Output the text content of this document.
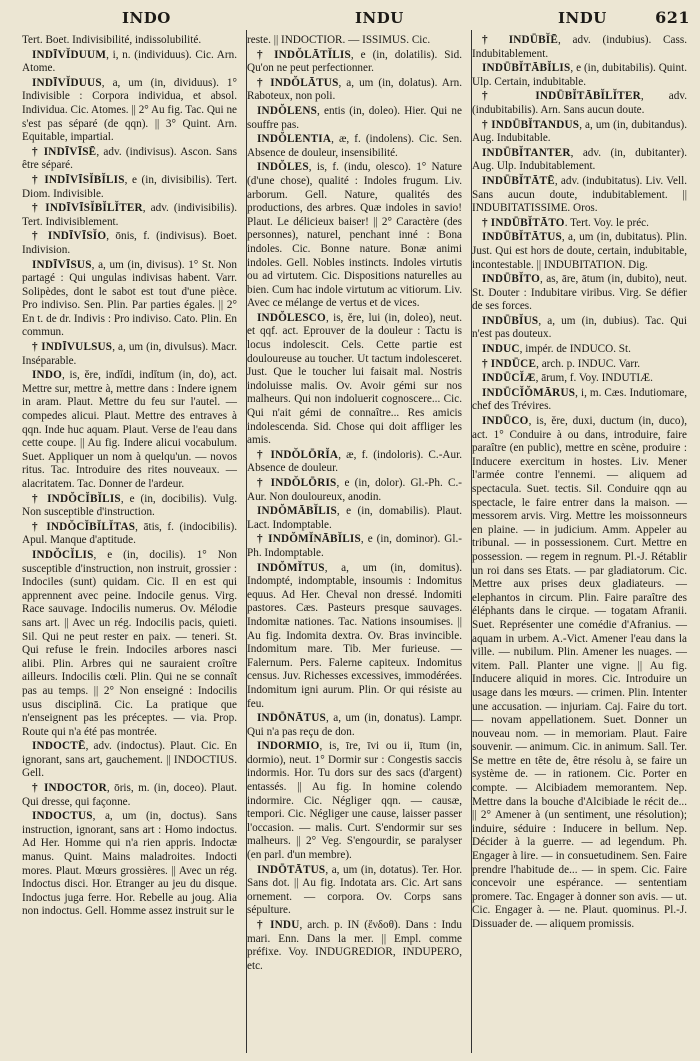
INDO	INDU	INDU	621

Tert. Boet. Indivisibilité, indissolubilité.

INDĪVĬDUUM, i, n. (individuus). Cic. Arn. Atome.

INDĪVĬDUUS, a, um (in, dividuus). 1° Indivisible : Corpora individua, et absol. Individua. Cic. Atomes. || 2° Au fig. Tac. Qui ne s'est pas séparé (de qqn). || 3° Quint. Arn. Equitable, impartial.

† INDĪVĪSĒ, adv. (indivisus). Ascon. Sans être séparé.

† INDĪVĪSĬBĬLIS, e (in, divisibilis). Tert. Diom. Indivisible.

† INDĪVĪSĬBĬLĬTER, adv. (indivisibilis). Tert. Indivisiblement.

† INDĪVĪSĬO, ōnis, f. (indivisus). Boet. Indivision.

INDĪVĪSUS, a, um (in, divisus). 1° St. Non partagé : Qui ungulas indivisas habent. Varr. Solipèdes, dont le sabot est tout d'une pièce. Pro indiviso. Sen. Plin. Par parties égales. || 2° En t. de dr. Indivis : Pro indiviso. Cato. Plin. En commun.

† INDĪVULSUS, a, um (in, divulsus). Macr. Inséparable.

INDO, is, ĕre, indĭdi, indĭtum (in, do), act. Mettre sur, mettre à, mettre dans : Indere ignem in aram. Plaut. Mettre du feu sur l'autel. — compedes alicui. Plaut. Mettre des entraves à qqn. Inde huc aquam. Plaut. Verse de l'eau dans cette coupe. || Au fig. Indere alicui vocabulum. Suet. Appliquer un nom à quelqu'un. — novos ritus. Tac. Introduire des rites nouveaux. — alacritatem. Tac. Donner de l'ardeur.

† INDŎCĬBĬLIS, e (in, docibilis). Vulg. Non susceptible d'instruction.

† INDŎCĬBĬLĬTAS, ātis, f. (indocibilis). Apul. Manque d'aptitude.

INDŎCĬLIS, e (in, docilis). 1° Non susceptible d'instruction, non instruit, grossier : Indociles (sunt) quidam. Cic. Il en est qui apprennent avec peine. Indocile genus. Virg. Race sauvage. Indocilis numerus. Ov. Mélodie sans art. || Avec un rég. Indocilis pacis, quieti. Sil. Qui ne peut rester en paix. — teneri. St. Qui refuse le frein. Indociles arbores nasci alibi. Plin. Arbres qui ne sauraient croître ailleurs. Indocilis cœli. Plin. Qui ne se connaît pas au temps. || 2° Non enseigné : Indocilis usus disciplinā. Cic. La pratique que n'enseignent pas les préceptes. — via. Prop. Route qui n'a été pas montrée.

INDOCTĒ, adv. (indoctus). Plaut. Cic. En ignorant, sans art, gauchement. || INDOCTIUS. Gell.

† INDOCTOR, ōris, m. (in, doceo). Plaut. Qui dresse, qui façonne.

INDOCTUS, a, um (in, doctus). Sans instruction, ignorant, sans art : Homo indoctus. Ad Her. Homme qui n'a rien appris. Indoctæ manus. Quint. Mains maladroites. Indocti mores. Plaut. Mœurs grossières. || Avec un rég. Indoctus disci. Hor. Etranger au jeu du disque. Indoctus juga ferre. Hor. Rebelle au joug. Alia non indoctus. Gell. Homme assez instruit sur le

reste. || INDOCTIOR. — ISSIMUS. Cic.

† INDŎLĀTĬLIS, e (in, dolatilis). Sid. Qu'on ne peut perfectionner.

† INDŎLĀTUS, a, um (in, dolatus). Arn. Raboteux, non poli.

INDŎLENS, entis (in, doleo). Hier. Qui ne souffre pas.

INDŎLENTIA, æ, f. (indolens). Cic. Sen. Absence de douleur, insensibilité.

INDŎLES, is, f. (indu, olesco). 1° Nature (d'une chose), qualité : Indoles frugum. Liv. arborum. Gell. Nature, qualités des productions, des arbres. Quæ indoles in savio! Plaut. Le délicieux baiser! || 2° Caractère (des personnes), naturel, penchant inné : Bona indoles. Cic. Bonne nature. Bonæ animi indoles. Gell. Nobles instincts. Indoles virtutis ou ad virtutem. Cic. Dispositions naturelles au bien. Cum hac indole virtutum ac vitiorum. Liv. Avec ce mélange de vertus et de vices.

INDŎLESCO, is, ĕre, lui (in, doleo), neut. et qqf. act. Eprouver de la douleur : Tactu is locus indolescit. Cels. Cette partie est douloureuse au toucher. Ut tactum indolesceret. Just. Que le toucher lui faisait mal. Nostris indoluisse malis. Ov. Avoir gémi sur nos malheurs. Qui non indoluerit cognoscere... Cic. Qui n'ait gémi de connaître... Res amicis indolescenda. Sid. Chose qui doit affliger les amis.

† INDŎLŌRĬA, æ, f. (indoloris). C.-Aur. Absence de douleur.

† INDŎLŌRIS, e (in, dolor). Gl.-Ph. C.-Aur. Non douloureux, anodin.

INDŎMĀBĬLIS, e (in, domabilis). Plaut. Lact. Indomptable.

† INDŎMĬNĀBĬLIS, e (in, dominor). Gl.-Ph. Indomptable.

INDŎMĬTUS, a, um (in, domitus). Indompté, indomptable, insoumis : Indomitus equus. Ad Her. Cheval non dressé. Indomiti pastores. Cæs. Pasteurs presque sauvages. Indomitæ nationes. Tac. Nations insoumises. || Au fig. Indomita dextra. Ov. Bras invincible. Indomitum mare. Tib. Mer furieuse. — Falernum. Pers. Falerne capiteux. Indomitus census. Juv. Richesses excessives, immodérées. Indomitum igni aurum. Plin. Or qui résiste au feu.

INDŌNĀTUS, a, um (in, donatus). Lampr. Qui n'a pas reçu de don.

INDORMIO, is, īre, īvi ou ii, ītum (in, dormio), neut. 1° Dormir sur : Congestis saccis indormis. Hor. Tu dors sur des sacs (d'argent) entassés. || Au fig. In homine colendo indormire. Cic. Négliger qqn. — causæ, tempori. Cic. Négliger une cause, laisser passer l'occasion. — malis. Curt. S'endormir sur ses malheurs. || 2° Veg. S'engourdir, se paralyser (en parl. d'un membre).

INDŌTĀTUS, a, um (in, dotatus). Ter. Hor. Sans dot. || Au fig. Indotata ars. Cic. Art sans ornement. — corpora. Ov. Corps sans sépulture.

† INDU, arch. p. IN (ἔνδοθ). Dans : Indu mari. Enn. Dans la mer. || Empl. comme préfixe. Voy. INDUGREDIOR, INDUPERO, etc.

† INDŪBĬĒ, adv. (indubius). Cass. Indubitablement.

INDŪBĬTĀBĬLIS, e (in, dubitabilis). Quint. Ulp. Certain, indubitable.

† INDŪBĬTĀBĬLĬTER, adv. (indubitabilis). Arn. Sans aucun doute.

† INDŪBĬTANDUS, a, um (in, dubitandus). Aug. Indubitable.

INDŪBĬTANTER, adv. (in, dubitanter). Aug. Ulp. Indubitablement.

INDŪBĬTĀTĒ, adv. (indubitatus). Liv. Vell. Sans aucun doute, indubitablement. || INDUBITATISSIME. Oros.

† INDŪBĬTĀTO. Tert. Voy. le préc.

INDŪBĬTĀTUS, a, um (in, dubitatus). Plin. Just. Qui est hors de doute, certain, indubitable, incontestable. || INDUBITATION. Dig.

INDŪBĬTO, as, āre, ātum (in, dubito), neut. St. Douter : Indubitare viribus. Virg. Se défier de ses forces.

INDŪBĬUS, a, um (in, dubius). Tac. Qui n'est pas douteux.

INDUC, impér. de INDUCO. St.

† INDŪCE, arch. p. INDUC. Varr.

INDŪCĬÆ, ārum, f. Voy. INDUTIÆ.

INDŪCĬŎMĀRUS, i, m. Cæs. Indutiomare, chef des Trévires.

INDŪCO, is, ĕre, duxi, ductum (in, duco), act. 1° Conduire à ou dans, introduire, faire paraître (en public), mettre en scène, produire : Inducere exercitum in hostes. Liv. Mener l'armée contre l'ennemi. — aliquem ad spectacula. Suet. tectis. Sil. Conduire qqn au spectacle, le faire entrer dans la maison. — messorem arvis. Virg. Mettre les moissonneurs en plaine. — in judicium. Amm. Appeler au tribunal. — in possessionem. Curt. Mettre en possession. — regem in regnum. Pl.-J. Rétablir un roi dans ses Etats. — par gladiatorum. Cic. Mettre aux prises deux gladiateurs. — elephantos in circum. Plin. Faire paraître des éléphants dans le cirque. — togatam Afranii. Suet. Représenter une comédie d'Afranius. — aquam in urbem. A.-Vict. Amener l'eau dans la ville. — nubilum. Plin. Amener les nuages. — vitem. Pall. Planter une vigne. || Au fig. Inducere aliquid in mores. Cic. Introduire un usage dans les mœurs. — crimen. Plin. Intenter une accusation. — injuriam. Caj. Faire du tort. — novam appellationem. Suet. Donner un nouveau nom. — in memoriam. Plaut. Faire souvenir. — animum. Cic. in animum. Sall. Ter. Se mettre en tête de, être résolu à, se faire un système de. — in rationem. Cic. Porter en compte. — Alcibiadem memorantem. Nep. Mettre dans la bouche d'Alcibiade le récit de... || 2° Amener à (un sentiment, une résolution); induire, séduire : Inducere in bellum. Nep. Décider à la guerre. — ad legendum. Ph. Engager à lire. — in consuetudinem. Sen. Faire prendre l'habitude de... — in spem. Cic. Faire concevoir une espérance. — sententiam promere. Tac. Engager à donner son avis. — ut. Cic. Engager à. — ne. Plaut. quominus. Pl.-J. Dissuader de. — aliquem promissis.
